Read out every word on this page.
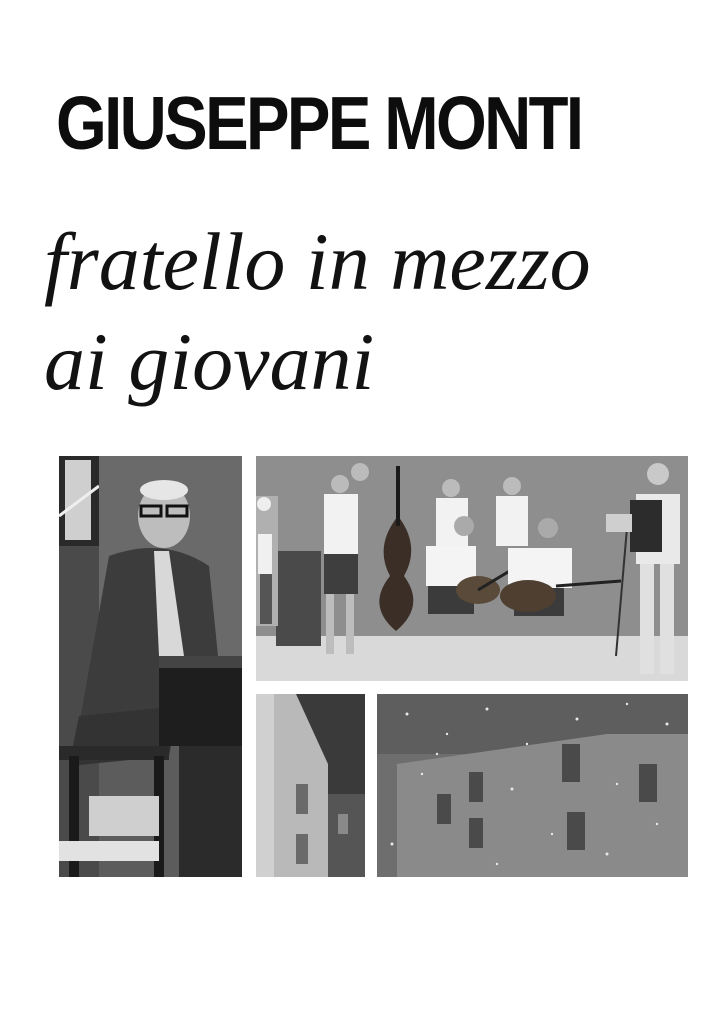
GIUSEPPE MONTI
fratello in mezzo
ai giovani
